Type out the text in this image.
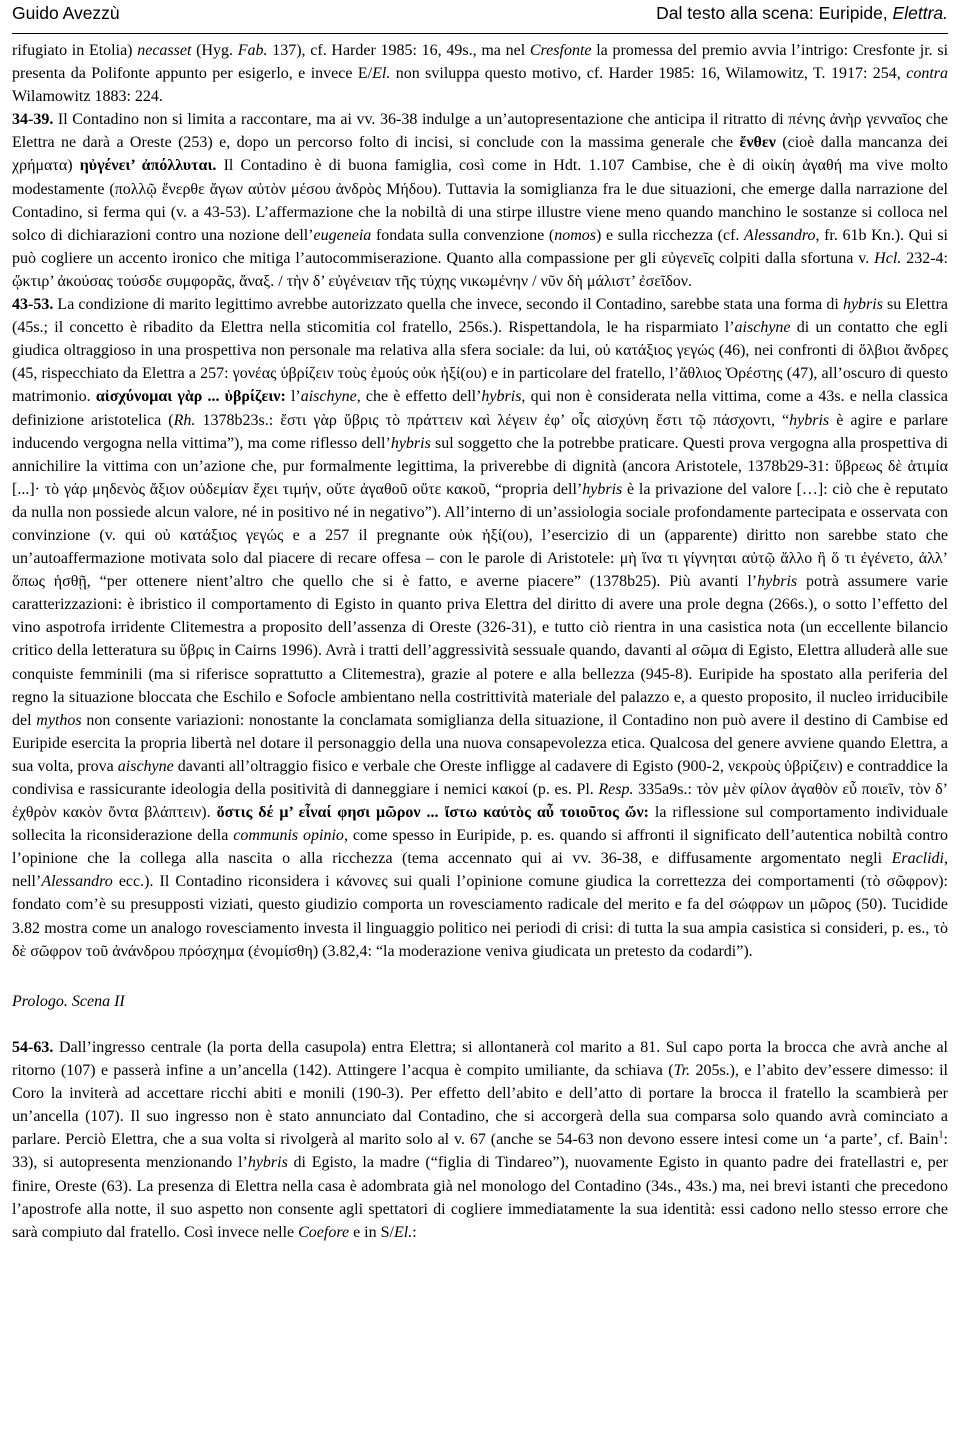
Guido Avezzù	Dal testo alla scena: Euripide, Elettra.

rifugiato in Etolia) necasset (Hyg. Fab. 137), cf. Harder 1985: 16, 49s., ma nel Cresfonte la promessa del premio avvia l’intrigo: Cresfonte jr. si presenta da Polifonte appunto per esigerlo, e invece E/El. non sviluppa questo motivo, cf. Harder 1985: 16, Wilamowitz, T. 1917: 254, contra Wilamowitz 1883: 224.

34-39. Il Contadino non si limita a raccontare, ma ai vv. 36-38 indulge a un’autopresentazione che anticipa il ritratto di πένης ἀνὴρ γενναῖος che Elettra ne darà a Oreste (253) e, dopo un percorso folto di incisi, si conclude con la massima generale che ἔνθεν (cioè dalla mancanza dei χρήματα) ηὐγένει’ ἀπόλλυται. Il Contadino è di buona famiglia, così come in Hdt. 1.107 Cambise, che è di οἰκίη ἀγαθή ma vive molto modestamente (πολλῷ ἔνερθε ἄγων αὐτὸν μέσου ἀνδρὸς Μήδου). Tuttavia la somiglianza fra le due situazioni, che emerge dalla narrazione del Contadino, si ferma qui (v. a 43-53). L’affermazione che la nobiltà di una stirpe illustre viene meno quando manchino le sostanze si colloca nel solco di dichiarazioni contro una nozione dell’eugeneia fondata sulla convenzione (nomos) e sulla ricchezza (cf. Alessandro, fr. 61b Kn.). Qui si può cogliere un accento ironico che mitiga l’autocommiserazione. Quanto alla compassione per gli εὐγενεῖς colpiti dalla sfortuna v. Hcl. 232-4: ᾤκτιρ’ ἀκούσας τούσδε συμφορᾶς, ἄναξ. / τὴν δ’ εὐγένειαν τῆς τύχης νικωμένην / νῦν δὴ μάλιστ’ ἐσεῖδον.

43-53. La condizione di marito legittimo avrebbe autorizzato quella che invece, secondo il Contadino, sarebbe stata una forma di hybris su Elettra (45s.; il concetto è ribadito da Elettra nella sticomitia col fratello, 256s.). Rispettandola, le ha risparmiato l’aischyne di un contatto che egli giudica oltraggioso in una prospettiva non personale ma relativa alla sfera sociale: da lui, οὐ κατάξιος γεγώς (46), nei confronti di ὄλβιοι ἄνδρες (45, rispecchiato da Elettra a 257: γονέας ὑβρίζειν τοὺς ἐμούς οὐκ ἠξί(ου) e in particolare del fratello, l’ἄθλιος Ὀρέστης (47), all’oscuro di questo matrimonio. αἰσχύνομαι γὰρ ... ὑβρίζειν: l’aischyne, che è effetto dell’hybris, qui non è considerata nella vittima, come a 43s. e nella classica definizione aristotelica (Rh. 1378b23s.: ἔστι γὰρ ὕβρις τὸ πράττειν καὶ λέγειν ἐφ’ οἷς αἰσχύνη ἔστι τῷ πάσχοντι, “hybris è agire e parlare inducendo vergogna nella vittima”), ma come riflesso dell’hybris sul soggetto che la potrebbe praticare. Questi prova vergogna alla prospettiva di annichilire la vittima con un’azione che, pur formalmente legittima, la priverebbe di dignità (ancora Aristotele, 1378b29-31: ὕβρεως δὲ ἀτιμία [...]· τὸ γάρ μηδενὸς ἄξιον οὐδεμίαν ἔχει τιμήν, οὔτε ἀγαθοῦ οὔτε κακοῦ, “propria dell’hybris è la privazione del valore […]: ciò che è reputato da nulla non possiede alcun valore, né in positivo né in negativo”). All’interno di un’assiologia sociale profondamente partecipata e osservata con convinzione (v. qui οὐ κατάξιος γεγώς e a 257 il pregnante οὐκ ἠξί(ου), l’esercizio di un (apparente) diritto non sarebbe stato che un’autoaffermazione motivata solo dal piacere di recare offesa – con le parole di Aristotele: μὴ ἵνα τι γίγνηται αὐτῷ ἄλλο ἢ ὅ τι ἐγένετο, ἀλλ’ ὅπως ἡσθῇ, “per ottenere nient’altro che quello che si è fatto, e averne piacere” (1378b25). Più avanti l’hybris potrà assumere varie caratterizzazioni: è ibristico il comportamento di Egisto in quanto priva Elettra del diritto di avere una prole degna (266s.), o sotto l’effetto del vino aspotrofa irridente Clitemestra a proposito dell’assenza di Oreste (326-31), e tutto ciò rientra in una casistica nota (un eccellente bilancio critico della letteratura su ὕβρις in Cairns 1996). Avrà i tratti dell’aggressività sessuale quando, davanti al σῶμα di Egisto, Elettra alluderà alle sue conquiste femminili (ma si riferisce soprattutto a Clitemestra), grazie al potere e alla bellezza (945-8). Euripide ha spostato alla periferia del regno la situazione bloccata che Eschilo e Sofocle ambientano nella costrittività materiale del palazzo e, a questo proposito, il nucleo irriducibile del mythos non consente variazioni: nonostante la conclamata somiglianza della situazione, il Contadino non può avere il destino di Cambise ed Euripide esercita la propria libertà nel dotare il personaggio della una nuova consapevolezza etica. Qualcosa del genere avviene quando Elettra, a sua volta, prova aischyne davanti all’oltraggio fisico e verbale che Oreste infligge al cadavere di Egisto (900-2, νεκροὺς ὑβρίζειν) e contraddice la condivisa e rassicurante ideologia della positività di danneggiare i nemici κακοί (p. es. Pl. Resp. 335a9s.: τὸν μὲν φίλον ἀγαθὸν εὖ ποιεῖν, τὸν δ’ ἐχθρὸν κακὸν ὄντα βλάπτειν). ὅστις δέ μ’ εἶναί φησι μῶρον ... ἴστω καὐτὸς αὖ τοιοῦτος ὤν: la riflessione sul comportamento individuale sollecita la riconsiderazione della communis opinio, come spesso in Euripide, p. es. quando si affronti il significato dell’autentica nobiltà contro l’opinione che la collega alla nascita o alla ricchezza (tema accennato qui ai vv. 36-38, e diffusamente argomentato negli Eraclidi, nell’Alessandro ecc.). Il Contadino riconsidera i κάνονες sui quali l’opinione comune giudica la correttezza dei comportamenti (τὸ σῶφρον): fondato com’è su presupposti viziati, questo giudizio comporta un rovesciamento radicale del merito e fa del σώφρων un μῶρος (50). Tucidide 3.82 mostra come un analogo rovesciamento investa il linguaggio politico nei periodi di crisi: di tutta la sua ampia casistica si consideri, p. es., τὸ δὲ σῶφρον τοῦ ἀνάνδρου πρόσχημα (ἐνομίσθη) (3.82,4: “la moderazione veniva giudicata un pretesto da codardi”).

Prologo. Scena II

54-63. Dall’ingresso centrale (la porta della casupola) entra Elettra; si allontanerà col marito a 81. Sul capo porta la brocca che avrà anche al ritorno (107) e passerà infine a un’ancella (142). Attingere l’acqua è compito umiliante, da schiava (Tr. 205s.), e l’abito dev’essere dimesso: il Coro la inviterà ad accettare ricchi abiti e monili (190-3). Per effetto dell’abito e dell’atto di portare la brocca il fratello la scambierà per un’ancella (107). Il suo ingresso non è stato annunciato dal Contadino, che si accorgerà della sua comparsa solo quando avrà cominciato a parlare. Perciò Elettra, che a sua volta si rivolgerà al marito solo al v. 67 (anche se 54-63 non devono essere intesi come un ‘a parte’, cf. Bain$^1$: 33), si autopresenta menzionando l’hybris di Egisto, la madre (“figlia di Tindareo”), nuovamente Egisto in quanto padre dei fratellastri e, per finire, Oreste (63). La presenza di Elettra nella casa è adombrata già nel monologo del Contadino (34s., 43s.) ma, nei brevi istanti che precedono l’apostrofe alla notte, il suo aspetto non consente agli spettatori di cogliere immediatamente la sua identità: essi cadono nello stesso errore che sarà compiuto dal fratello. Così invece nelle Coefore e in S/El.:
